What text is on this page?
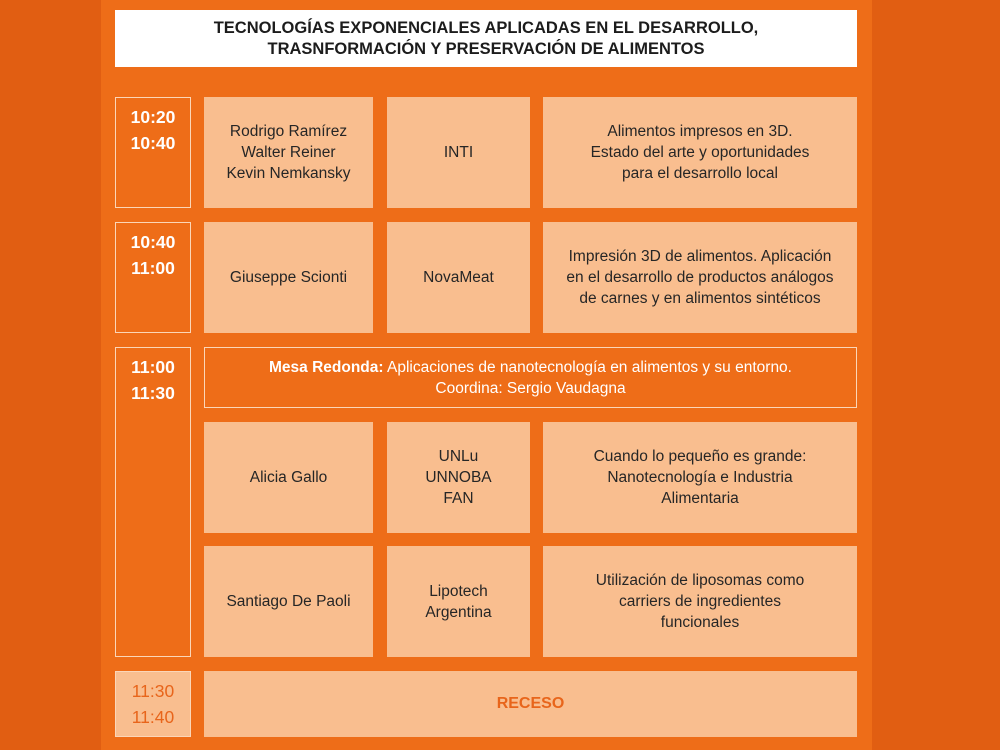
TECNOLOGÍAS EXPONENCIALES APLICADAS EN EL DESARROLLO,
TRASNFORMACIÓN Y PRESERVACIÓN DE ALIMENTOS
10:20
10:40
Rodrigo Ramírez
Walter Reiner
Kevin Nemkansky
INTI
Alimentos impresos en 3D.
Estado del arte y oportunidades
para el desarrollo local
10:40
11:00	Giuseppe Scionti	NovaMeat
Impresión 3D de alimentos. Aplicación
en el desarrollo de productos análogos
de carnes y en alimentos sintéticos
11:00
11:30
Mesa Redonda: Aplicaciones de nanotecnología en alimentos y su entorno.
Coordina: Sergio Vaudagna
Alicia Gallo
UNLu
UNNOBA
FAN
Cuando lo pequeño es grande:
Nanotecnología e Industria
Alimentaria
Santiago De Paoli
Lipotech
Argentina
Utilización de liposomas como
carriers de ingredientes
funcionales
11:30
11:40
RECESO
